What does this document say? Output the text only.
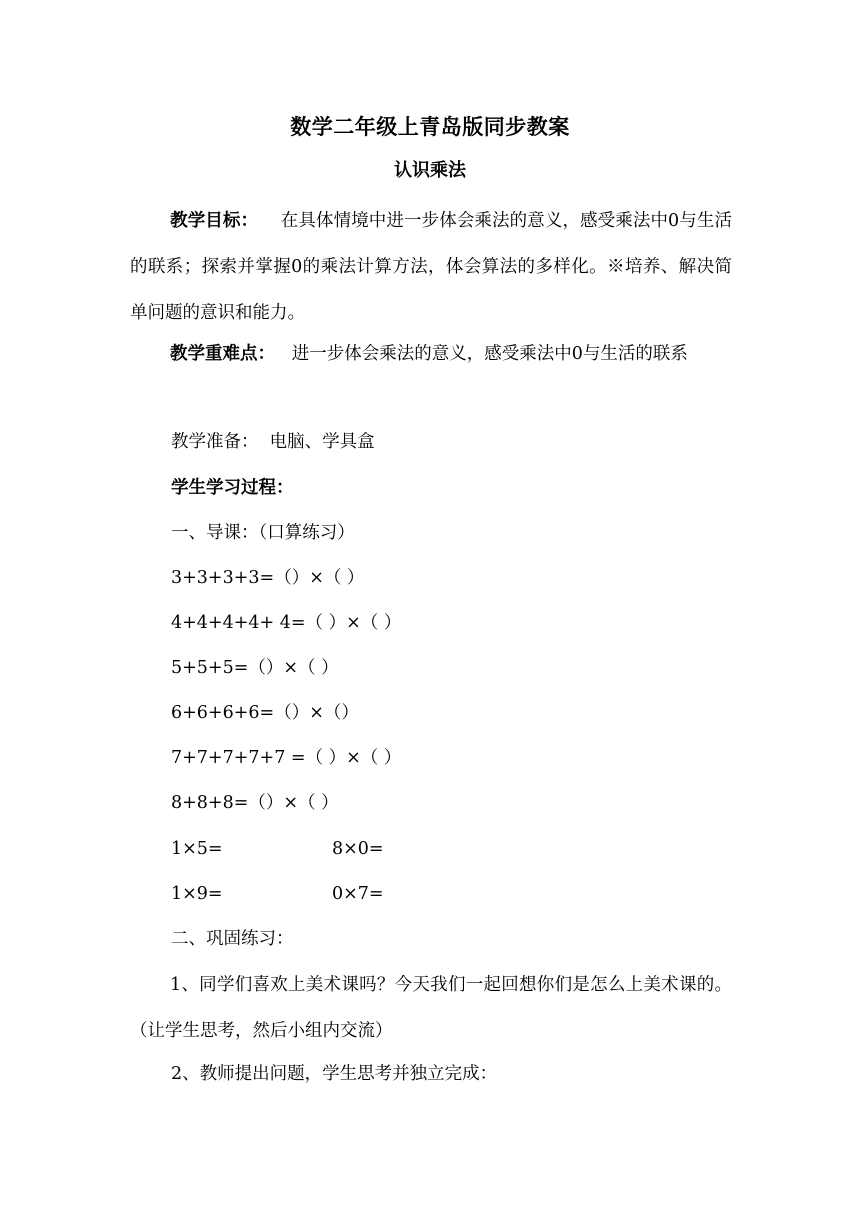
数学二年级上青岛版同步教案
认识乘法
教学目标： 在具体情境中进一步体会乘法的意义，感受乘法中0与生活的联系；探索并掌握0的乘法计算方法，体会算法的多样化。※培养、解决简单问题的意识和能力。
教学重难点： 进一步体会乘法的意义，感受乘法中0与生活的联系
教学准备： 电脑、学具盒
学生学习过程：
一、导课：（口算练习）
3+3+3+3=（）×（ ）
4+4+4+4+ 4=（ ）×（ ）
5+5+5=（）×（ ）
6+6+6+6=（）×（）
7+7+7+7+7 =（ ）×（ ）
8+8+8=（）×（ ）
1×5=	8×0=
1×9=	0×7=
二、巩固练习：
1、同学们喜欢上美术课吗？今天我们一起回想你们是怎么上美术课的。（让学生思考，然后小组内交流）
2、教师提出问题，学生思考并独立完成：
